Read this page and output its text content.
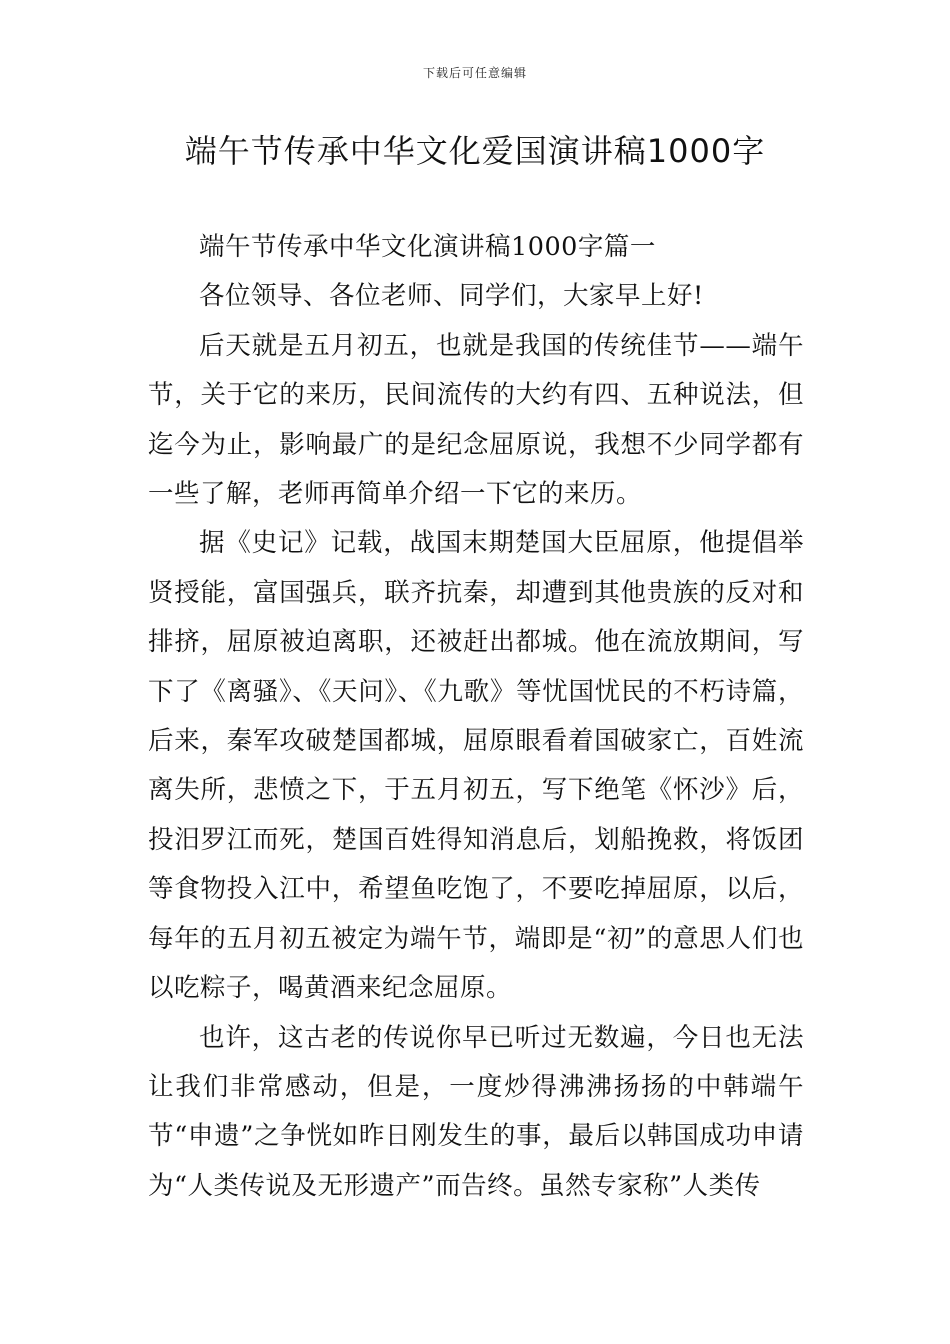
下载后可任意编辑
端午节传承中华文化爱国演讲稿1000字

端午节传承中华文化演讲稿1000字篇一

各位领导、各位老师、同学们，大家早上好!

后天就是五月初五，也就是我国的传统佳节——端午节，关于它的来历，民间流传的大约有四、五种说法，但迄今为止，影响最广的是纪念屈原说，我想不少同学都有一些了解，老师再简单介绍一下它的来历。

据《史记》记载，战国末期楚国大臣屈原，他提倡举贤授能，富国强兵，联齐抗秦，却遭到其他贵族的反对和排挤，屈原被迫离职，还被赶出都城。他在流放期间，写下了《离骚》、《天问》、《九歌》等忧国忧民的不朽诗篇，后来，秦军攻破楚国都城，屈原眼看着国破家亡，百姓流离失所，悲愤之下，于五月初五，写下绝笔《怀沙》后，投汨罗江而死，楚国百姓得知消息后，划船挽救，将饭团等食物投入江中，希望鱼吃饱了，不要吃掉屈原，以后，每年的五月初五被定为端午节，端即是“初”的意思人们也以吃粽子，喝黄酒来纪念屈原。

也许，这古老的传说你早已听过无数遍，今日也无法让我们非常感动，但是，一度炒得沸沸扬扬的中韩端午节“申遗”之争恍如昨日刚发生的事，最后以韩国成功申请为“人类传说及无形遗产”而告终。虽然专家称”人类传
